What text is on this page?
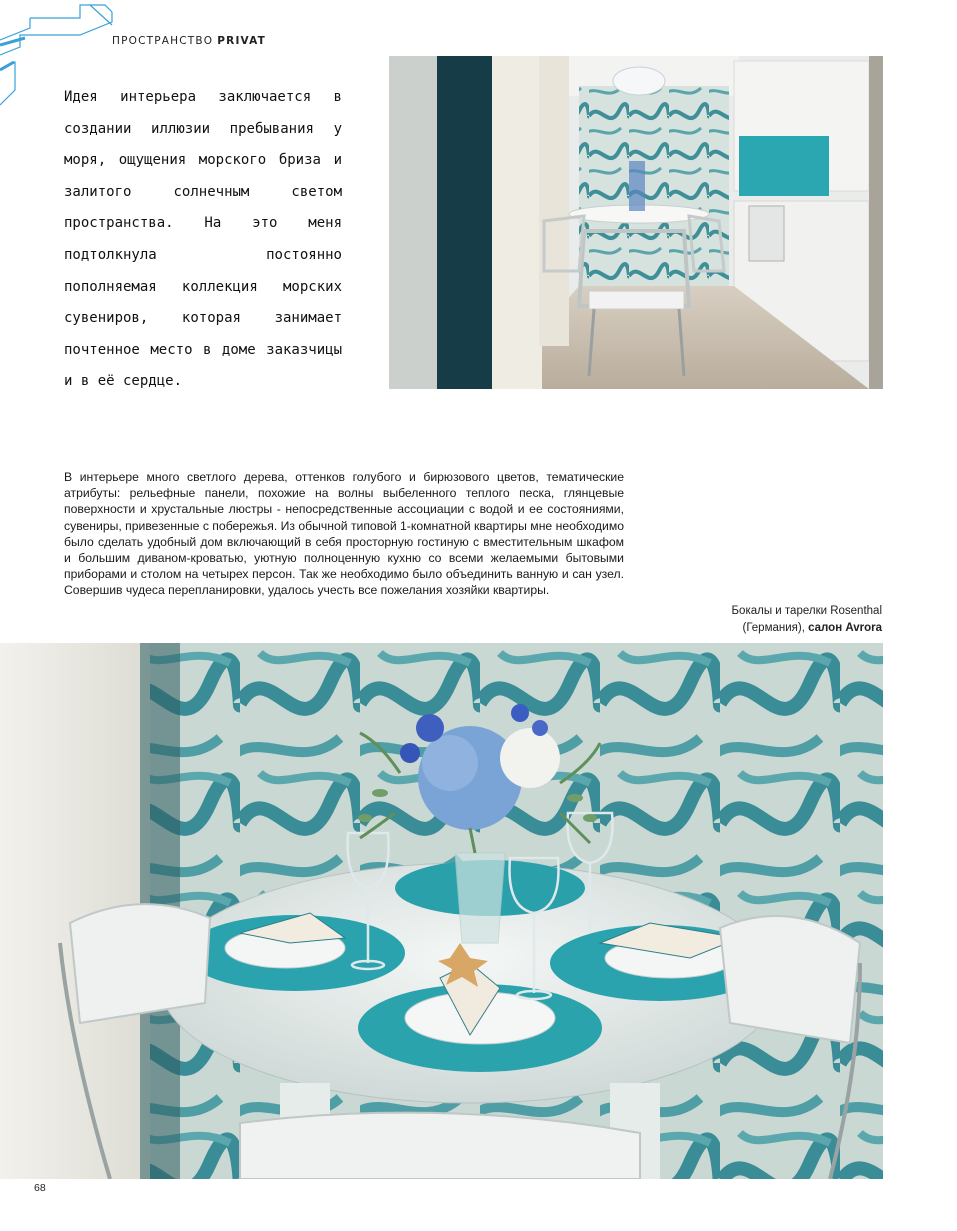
ПРОСТРАНСТВО PRIVAT

Идея интерьера заключается в создании иллюзии пребывания у моря, ощущения морского бриза и залитого солнечным светом пространства. На это меня подтолкнула постоянно пополняемая коллекция морских сувениров, которая занимает почтенное место в доме заказчицы и в её сердце.

В интерьере много светлого дерева, оттенков голубого и бирюзового цветов, тематические атрибуты: рельефные панели, похожие на волны выбеленного теплого песка, глянцевые поверхности и хрустальные люстры - непосредственные ассоциации с водой и ее состояниями, сувениры, привезенные с побережья. Из обычной типовой 1-комнатной квартиры мне необходимо было сделать удобный дом включающий в себя просторную гостиную с вместительным шкафом и большим диваном-кроватью, уютную полноценную кухню со всеми желаемыми бытовыми приборами и столом на четырех персон. Так же необходимо было объединить ванную и сан узел. Совершив чудеса перепланировки, удалось учесть все пожелания хозяйки квартиры.

Бокалы и тарелки Rosenthal
(Германия), салон Avrora
68
